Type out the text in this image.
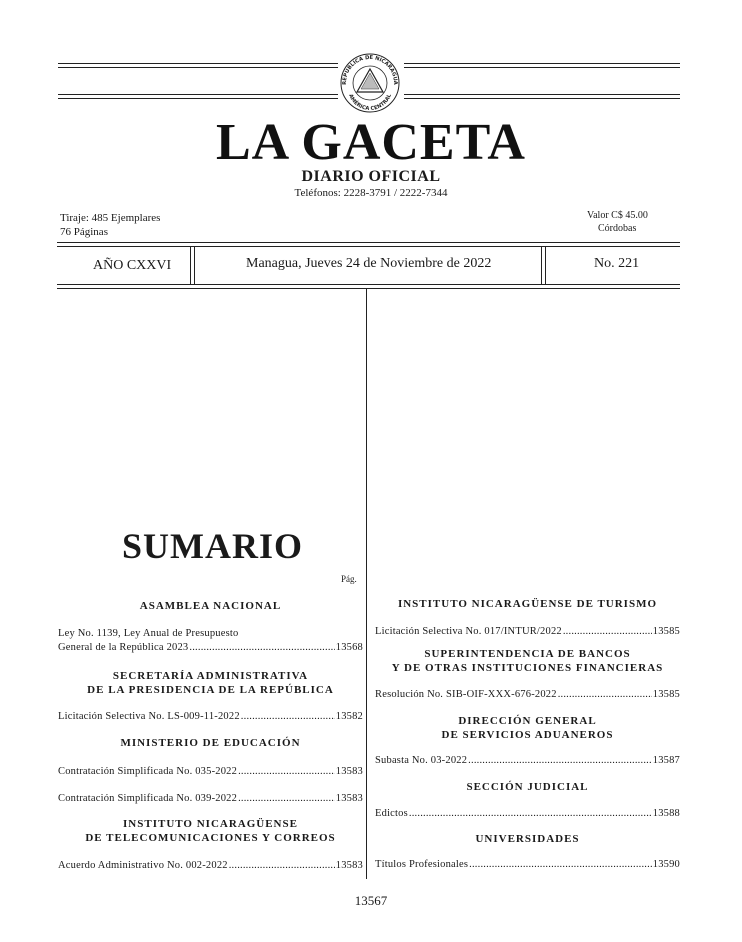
REPÚBLICA DE NICARAGUA
AMÉRICA CENTRAL
LA GACETA
DIARIO OFICIAL
Teléfonos: 2228-3791 / 2222-7344
Tiraje: 485 Ejemplares
76 Páginas
Valor C$ 45.00
Córdobas
AÑO CXXVI	Managua, Jueves 24 de Noviembre de 2022	No. 221
SUMARIO
Pág.
ASAMBLEA NACIONAL
Ley No. 1139, Ley Anual de Presupuesto
General de la República 2023 .....	13568
SECRETARÍA ADMINISTRATIVA
DE LA PRESIDENCIA DE LA REPÚBLICA
Licitación Selectiva No. LS-009-11-2022 .....	13582
MINISTERIO DE EDUCACIÓN
Contratación Simplificada No. 035-2022 .....	13583
Contratación Simplificada No. 039-2022 .....	13583
INSTITUTO NICARAGÜENSE
DE TELECOMUNICACIONES Y CORREOS
Acuerdo Administrativo No. 002-2022 .....	13583
INSTITUTO NICARAGÜENSE DE TURISMO
Licitación Selectiva No. 017/INTUR/2022 .....	13585
SUPERINTENDENCIA DE BANCOS
Y DE OTRAS INSTITUCIONES FINANCIERAS
Resolución No. SIB-OIF-XXX-676-2022 .....	13585
DIRECCIÓN GENERAL
DE SERVICIOS ADUANEROS
Subasta No. 03-2022 .....	13587
SECCIÓN JUDICIAL
Edictos .....	13588
UNIVERSIDADES
Títulos Profesionales .....	13590
13567
